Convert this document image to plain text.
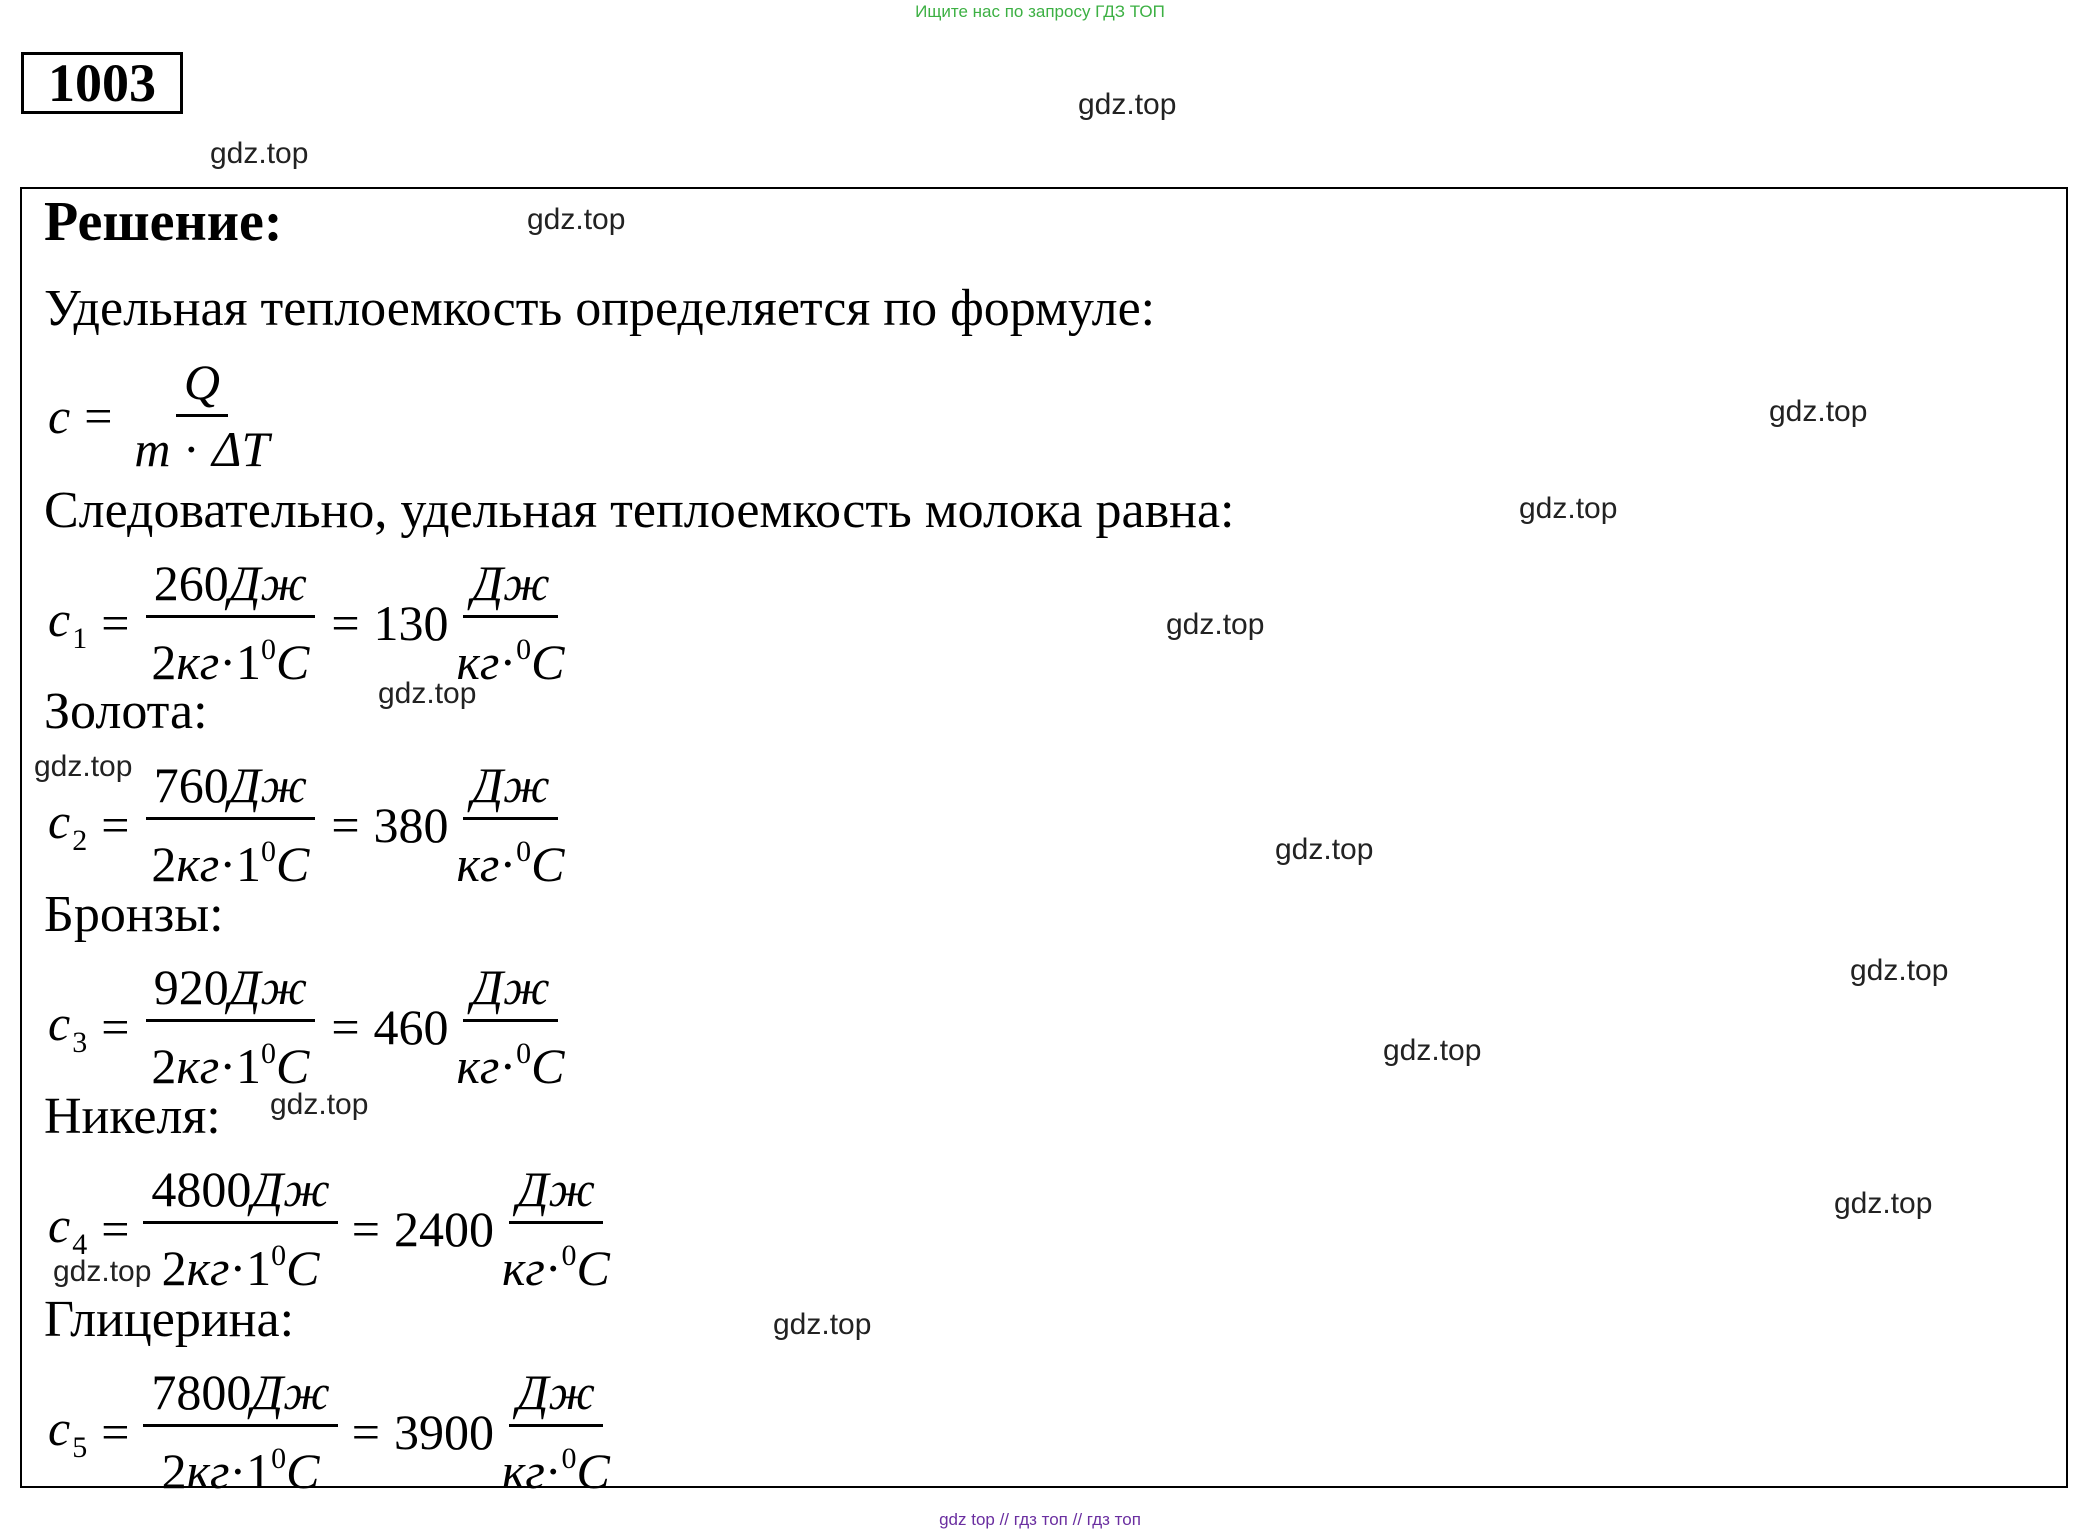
Ищите нас по запросу ГДЗ ТОП
1003
Решение:
Удельная теплоемкость определяется по формуле:
$c = \frac{Q}{m \cdot \Delta T}$
Следовательно, удельная теплоемкость молока равна:
$c_1 = \frac{260Дж}{2кг\cdot 1^0C} = 130 \frac{Дж}{кг\cdot^0C}$
Золота:
$c_2 = \frac{760Дж}{2кг\cdot 1^0C} = 380 \frac{Дж}{кг\cdot^0C}$
Бронзы:
$c_3 = \frac{920Дж}{2кг\cdot 1^0C} = 460 \frac{Дж}{кг\cdot^0C}$
Никеля:
$c_4 = \frac{4800Дж}{2кг\cdot 1^0C} = 2400 \frac{Дж}{кг\cdot^0C}$
Глицерина:
$c_5 = \frac{7800Дж}{2кг\cdot 1^0C} = 3900 \frac{Дж}{кг\cdot^0C}$
gdz.top
gdz.top
gdz.top
gdz.top
gdz.top
gdz.top
gdz.top
gdz.top
gdz.top
gdz.top
gdz.top
gdz.top
gdz.top
gdz.top
gdz.top
gdz top // гдз топ // гдз топ
